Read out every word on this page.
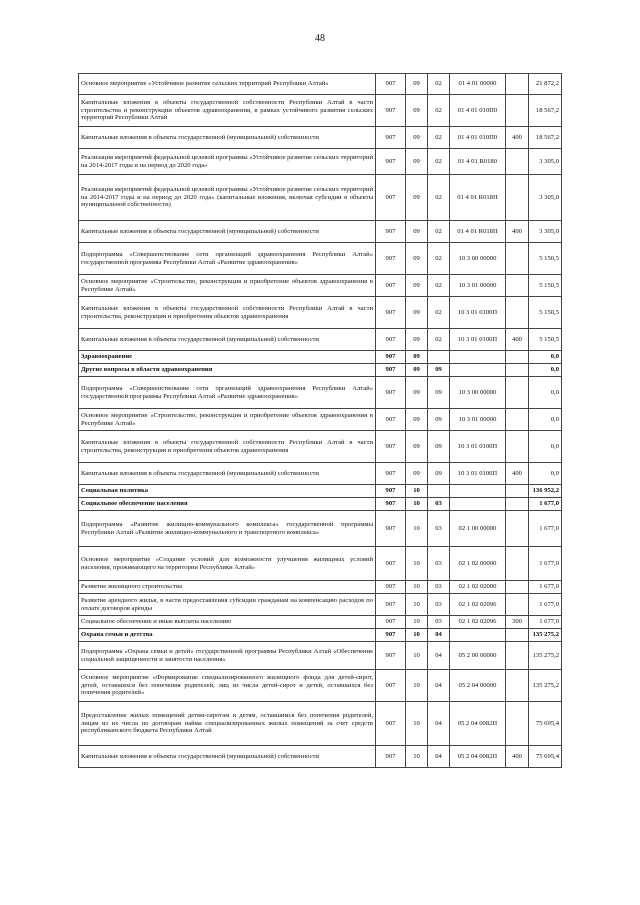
48
Основное мероприятие «Устойчивое развитие сельских территорий Республики Алтай»	907	09	02	01 4 01 00000		21 872,2
Капитальные вложения в объекты государственной собственности Республики Алтай в части строительства и реконструкции объектов здравоохранения, в рамках устойчивого развития сельских территорий Республики Алтай	907	09	02	01 4 01 010П0		18 567,2
Капитальные вложения в объекты государственной (муниципальной) собственности	907	09	02	01 4 01 010П0	400	18 567,2
Реализация мероприятий федеральной целевой программы «Устойчивое развитие сельских территорий на 2014-2017 годы и на период до 2020 года»	907	09	02	01 4 01 R0180		3 305,0
Реализация мероприятий федеральной целевой программы «Устойчивое развитие сельских территорий на 2014-2017 годы и на период до 2020 года» (капитальные вложения, включая субсидии в объекты муниципальной собственности)	907	09	02	01 4 01 R018П		3 305,0
Капитальные вложения в объекты государственной (муниципальной) собственности	907	09	02	01 4 01 R018П	400	3 305,0
Подпрограмма «Совершенствование сети организаций здравоохранения Республики Алтай» государственной программы Республики Алтай «Развитие здравоохранения»	907	09	02	10 3 00 00000		5 150,5
Основное мероприятие «Строительство, реконструкция и приобретение объектов здравоохранения в Республике Алтай»	907	09	02	10 3 01 00000		5 150,5
Капитальные вложения в объекты государственной собственности Республики Алтай в части строительства, реконструкции и приобретения объектов здравоохранения	907	09	02	10 3 01 0100П		5 150,5
Капитальные вложения в объекты государственной (муниципальной) собственности	907	09	02	10 3 01 0100П	400	5 150,5
Здравоохранение	907	09				0,0
Другие вопросы в области здравоохранения	907	09	09			0,0
Подпрограмма «Совершенствование сети организаций здравоохранения Республики Алтай» государственной программы Республики Алтай «Развитие здравоохранения»	907	09	09	10 3 00 00000		0,0
Основное мероприятие «Строительство, реконструкция и приобретение объектов здравоохранения в Республике Алтай»	907	09	09	10 3 01 00000		0,0
Капитальные вложения в объекты государственной собственности Республики Алтай в части строительства, реконструкции и приобретения объектов здравоохранения	907	09	09	10 3 01 0100П		0,0
Капитальные вложения в объекты государственной (муниципальной) собственности	907	09	09	10 3 01 0100П	400	0,0
Социальная политика	907	10				136 952,2
Социальное обеспечение населения	907	10	03			1 677,0
Подпрограмма «Развитие жилищно-коммунального комплекса» государственной программы Республики Алтай «Развитие жилищно-коммунального и транспортного комплекса»	907	10	03	02 1 00 00000		1 677,0
Основное мероприятие «Создание условий для возможности улучшения жилищных условий населения, проживающего на территории Республики Алтай»	907	10	03	02 1 02 00000		1 677,0
Развитие жилищного строительства	907	10	03	02 1 02 02000		1 677,0
Развитие арендного жилья, в части предоставления субсидии гражданам на компенсацию расходов по оплате договоров аренды	907	10	03	02 1 02 02096		1 677,0
Социальное обеспечение и иные выплаты населению	907	10	03	02 1 02 02096	300	1 677,0
Охрана семьи и детства	907	10	04			135 275,2
Подпрограмма «Охрана семьи и детей» государственной программы Республики Алтай «Обеспечение социальной защищенности и занятости населения»	907	10	04	05 2 00 00000		135 275,2
Основное мероприятие «Формирование специализированного жилищного фонда для детей-сирот, детей, оставшихся без попечения родителей, лиц из числа детей-сирот и детей, оставшихся без попечения родителей»	907	10	04	05 2 04 00000		135 275,2
Предоставление жилых помещений детям-сиротам и детям, оставшимся без попечения родителей, лицам из их числа по договорам найма специализированных жилых помещений за счет средств республиканского бюджета Республики Алтай	907	10	04	05 2 04 0082П		75 695,4
Капитальные вложения в объекты государственной (муниципальной) собственности	907	10	04	05 2 04 0082П	400	75 695,4
